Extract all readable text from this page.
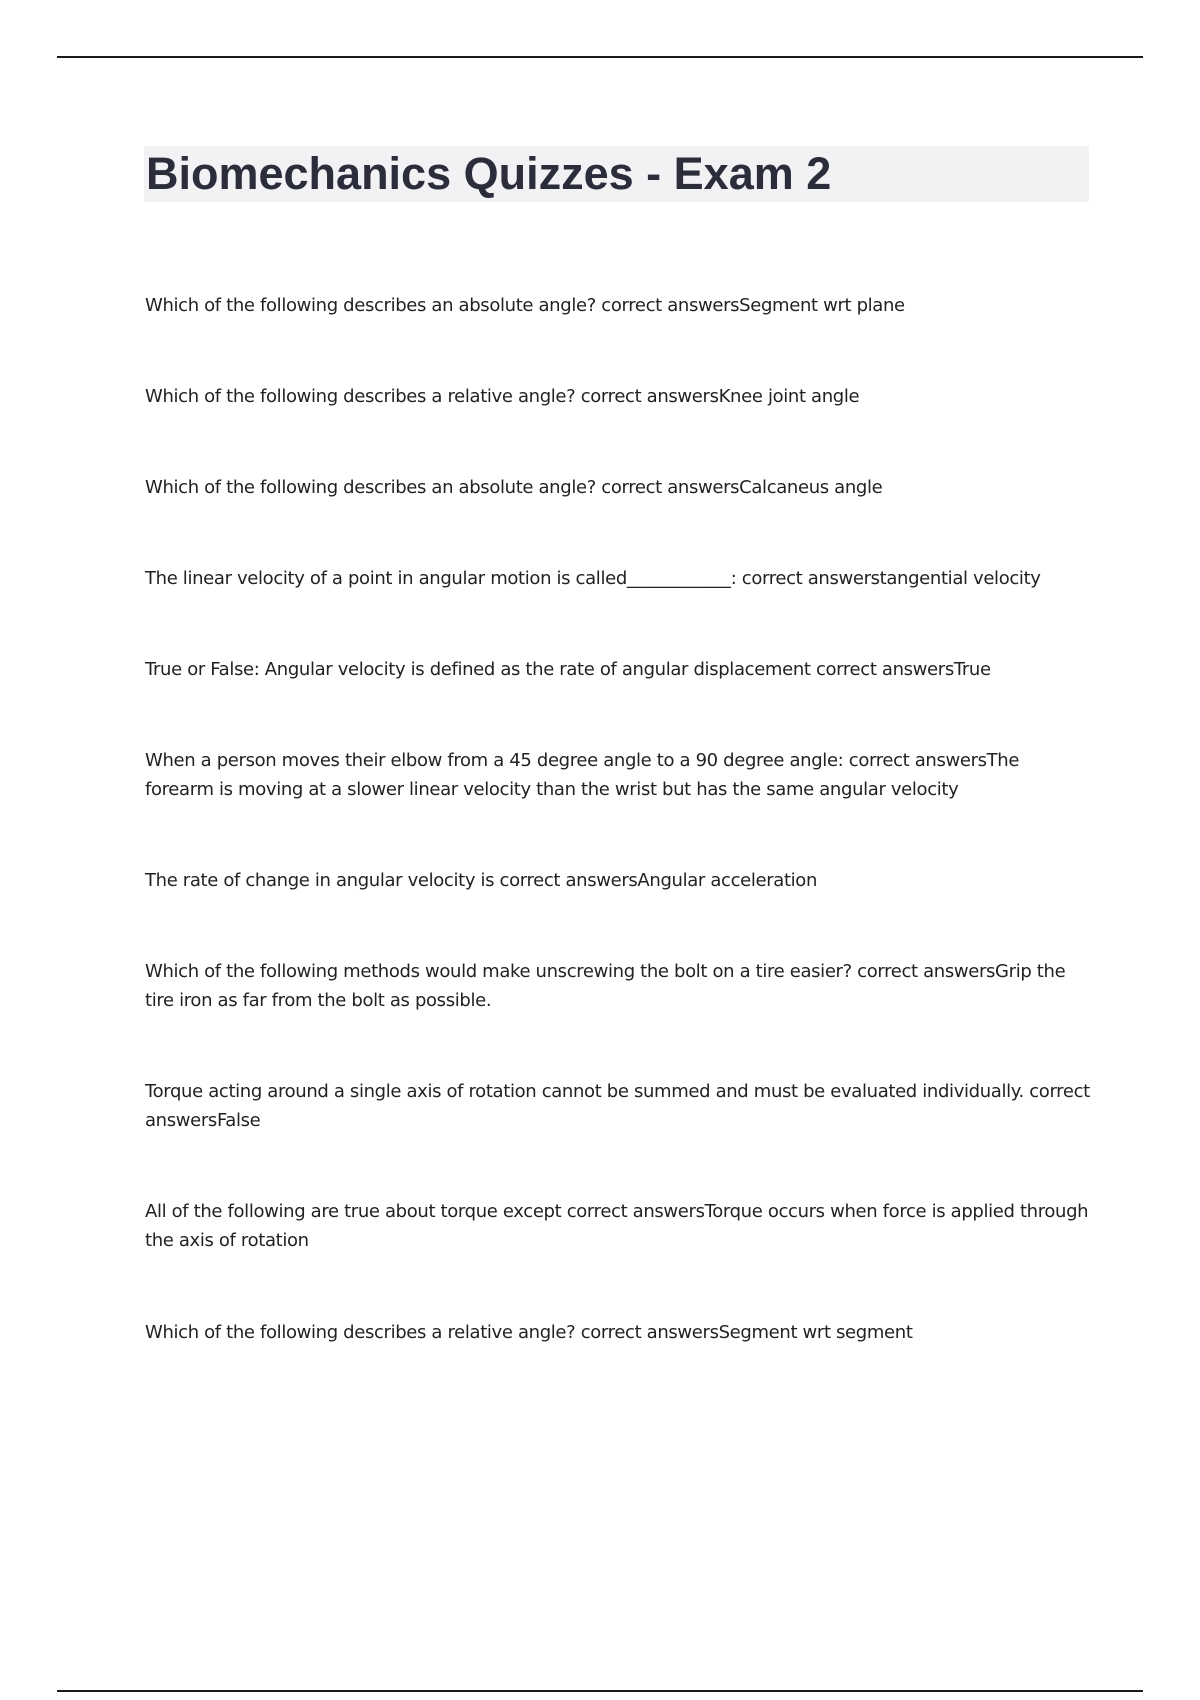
Biomechanics Quizzes - Exam 2

Which of the following describes an absolute angle? correct answersSegment wrt plane

Which of the following describes a relative angle? correct answersKnee joint angle

Which of the following describes an absolute angle? correct answersCalcaneus angle

The linear velocity of a point in angular motion is called____________: correct answerstangential velocity

True or False: Angular velocity is defined as the rate of angular displacement correct answersTrue

When a person moves their elbow from a 45 degree angle to a 90 degree angle: correct answersThe forearm is moving at a slower linear velocity than the wrist but has the same angular velocity

The rate of change in angular velocity is correct answersAngular acceleration

Which of the following methods would make unscrewing the bolt on a tire easier? correct answersGrip the tire iron as far from the bolt as possible.

Torque acting around a single axis of rotation cannot be summed and must be evaluated individually. correct answersFalse

All of the following are true about torque except correct answersTorque occurs when force is applied through the axis of rotation

Which of the following describes a relative angle? correct answersSegment wrt segment
